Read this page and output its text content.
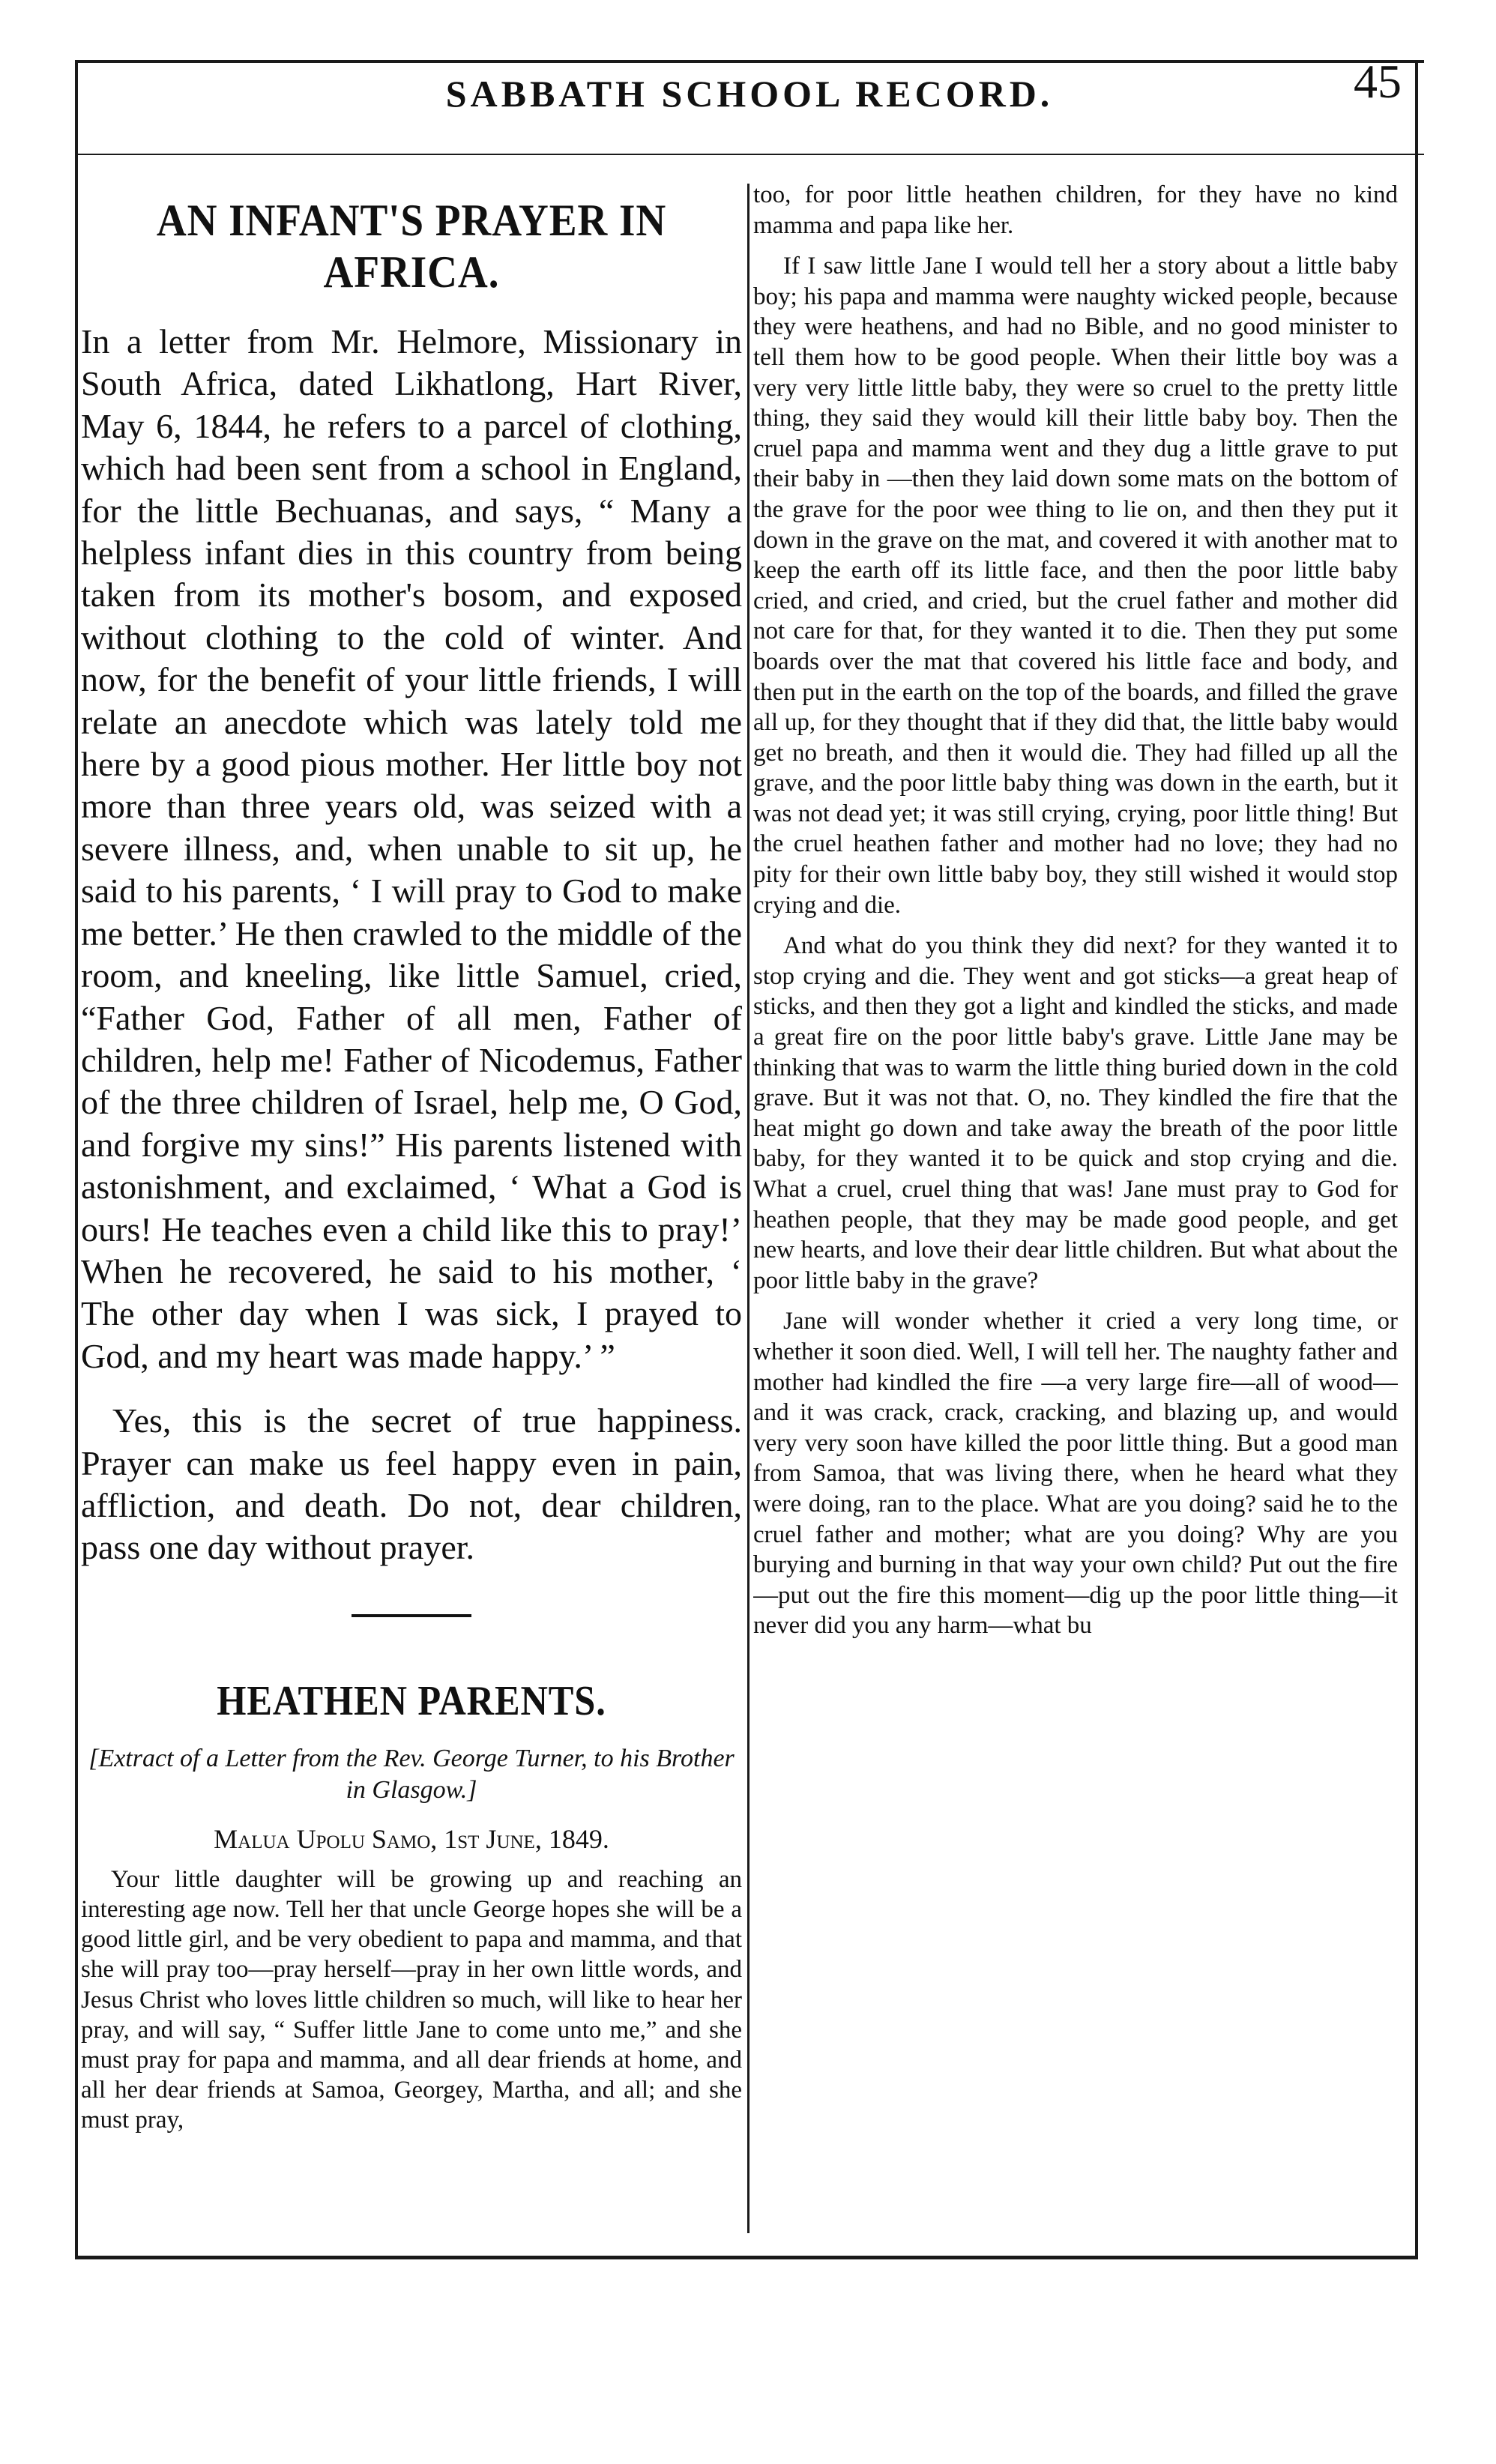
SABBATH SCHOOL RECORD.	45
AN INFANT'S PRAYER IN AFRICA.

In a letter from Mr. Helmore, Missionary in South Africa, dated Likhatlong, Hart River, May 6, 1844, he refers to a parcel of clothing, which had been sent from a school in England, for the little Bechuanas, and says, “ Many a helpless infant dies in this country from being taken from its mother's bosom, and exposed without clothing to the cold of winter. And now, for the benefit of your little friends, I will relate an anecdote which was lately told me here by a good pious mother. Her little boy not more than three years old, was seized with a severe illness, and, when unable to sit up, he said to his parents, ‘ I will pray to God to make me better.’ He then crawled to the middle of the room, and kneeling, like little Samuel, cried, “Father God, Father of all men, Father of children, help me! Father of Nicodemus, Father of the three children of Israel, help me, O God, and forgive my sins!” His parents listened with astonishment, and exclaimed, ‘ What a God is ours! He teaches even a child like this to pray!’ When he recovered, he said to his mother, ‘ The other day when I was sick, I prayed to God, and my heart was made happy.’ ”

Yes, this is the secret of true happiness. Prayer can make us feel happy even in pain, affliction, and death. Do not, dear children, pass one day without prayer.

HEATHEN PARENTS.
[Extract of a Letter from the Rev. George Turner, to his Brother in Glasgow.]
Malua Upolu Samo, 1st June, 1849.

Your little daughter will be growing up and reaching an interesting age now. Tell her that uncle George hopes she will be a good little girl, and be very obedient to papa and mamma, and that she will pray too—pray herself—pray in her own little words, and Jesus Christ who loves little children so much, will like to hear her pray, and will say, “ Suffer little Jane to come unto me,” and she must pray for papa and mamma, and all dear friends at home, and all her dear friends at Samoa, Georgey, Martha, and all; and she must pray,

too, for poor little heathen children, for they have no kind mamma and papa like her.

If I saw little Jane I would tell her a story about a little baby boy; his papa and mamma were naughty wicked people, because they were heathens, and had no Bible, and no good minister to tell them how to be good people. When their little boy was a very very little little baby, they were so cruel to the pretty little thing, they said they would kill their little baby boy. Then the cruel papa and mamma went and they dug a little grave to put their baby in —then they laid down some mats on the bottom of the grave for the poor wee thing to lie on, and then they put it down in the grave on the mat, and covered it with another mat to keep the earth off its little face, and then the poor little baby cried, and cried, and cried, but the cruel father and mother did not care for that, for they wanted it to die. Then they put some boards over the mat that covered his little face and body, and then put in the earth on the top of the boards, and filled the grave all up, for they thought that if they did that, the little baby would get no breath, and then it would die. They had filled up all the grave, and the poor little baby thing was down in the earth, but it was not dead yet; it was still crying, crying, poor little thing! But the cruel heathen father and mother had no love; they had no pity for their own little baby boy, they still wished it would stop crying and die.

And what do you think they did next? for they wanted it to stop crying and die. They went and got sticks—a great heap of sticks, and then they got a light and kindled the sticks, and made a great fire on the poor little baby's grave. Little Jane may be thinking that was to warm the little thing buried down in the cold grave. But it was not that. O, no. They kindled the fire that the heat might go down and take away the breath of the poor little baby, for they wanted it to be quick and stop crying and die. What a cruel, cruel thing that was! Jane must pray to God for heathen people, that they may be made good people, and get new hearts, and love their dear little children. But what about the poor little baby in the grave?

Jane will wonder whether it cried a very long time, or whether it soon died. Well, I will tell her. The naughty father and mother had kindled the fire —a very large fire—all of wood—and it was crack, crack, cracking, and blazing up, and would very very soon have killed the poor little thing. But a good man from Samoa, that was living there, when he heard what they were doing, ran to the place. What are you doing? said he to the cruel father and mother; what are you doing? Why are you burying and burning in that way your own child? Put out the fire—put out the fire this moment—dig up the poor little thing—it never did you any harm—what bu
